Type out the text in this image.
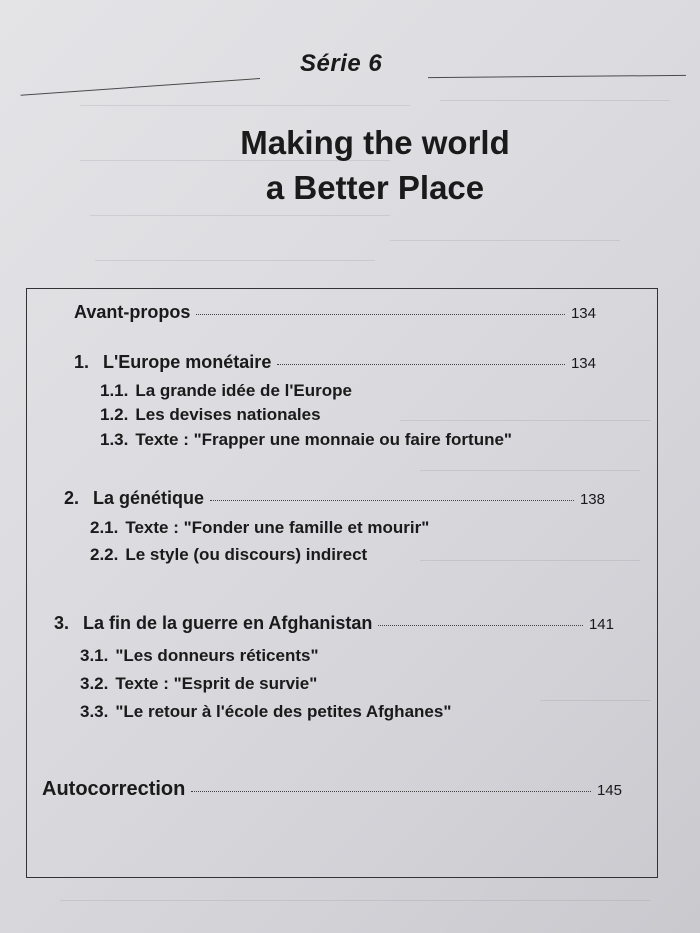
Série 6
Making the world
a Better Place
Avant-propos	134
1. L'Europe monétaire	134
1.1. La grande idée de l'Europe
1.2. Les devises nationales
1.3. Texte : "Frapper une monnaie ou faire fortune"
2. La génétique	138
2.1. Texte : "Fonder une famille et mourir"
2.2. Le style (ou discours) indirect
3. La fin de la guerre en Afghanistan	141
3.1. "Les donneurs réticents"
3.2. Texte : "Esprit de survie"
3.3. "Le retour à l'école des petites Afghanes"
Autocorrection	145
